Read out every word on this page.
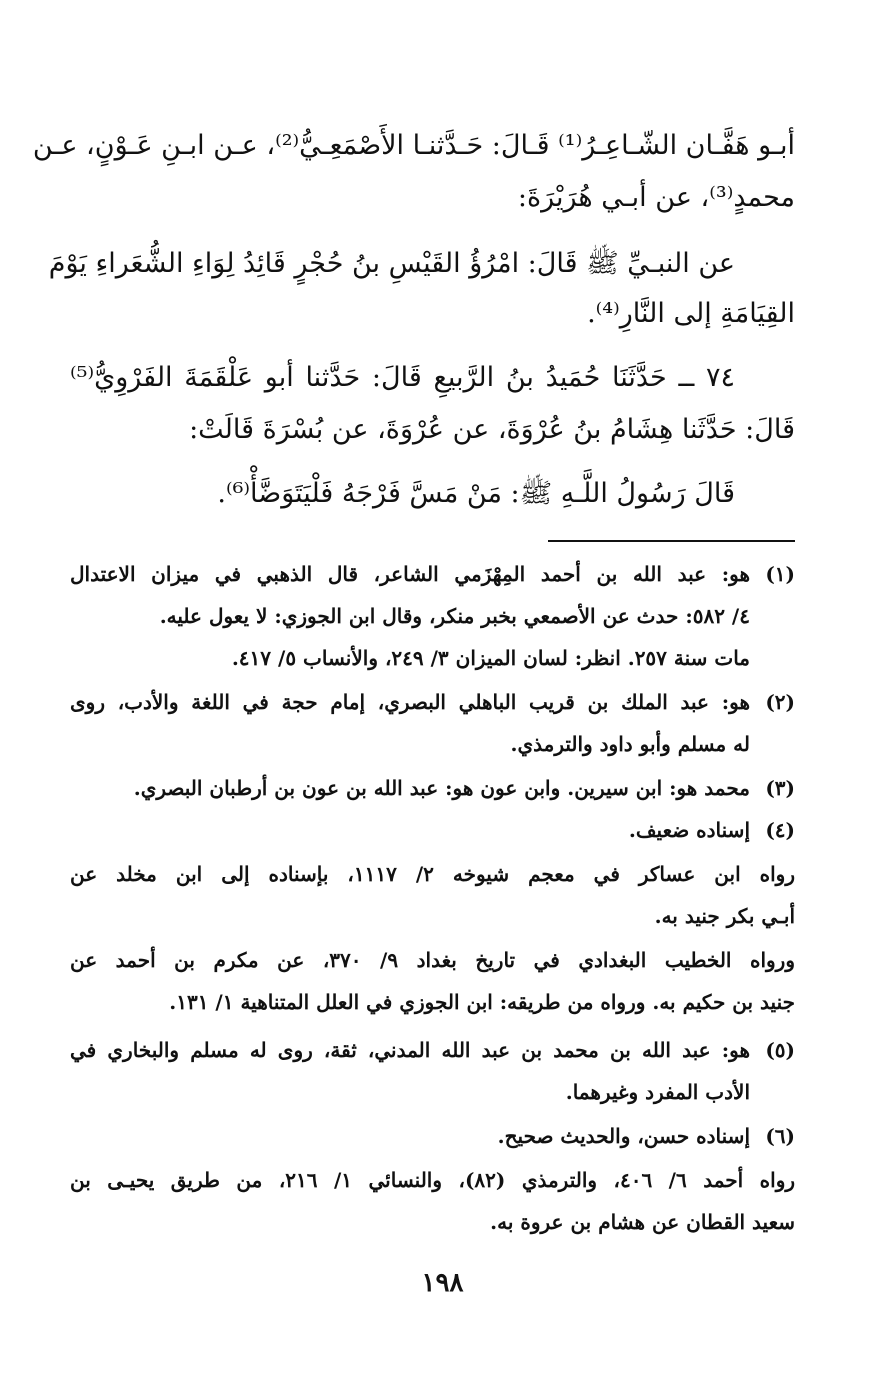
أبـو هَفَّـان الشّـاعِـرُ⁽¹⁾ قَـالَ: حَـدَّثنـا الأَصْمَعِـيُّ⁽²⁾، عـن ابـنِ عَـوْنٍ، عـن
محمدٍ⁽³⁾، عن أبـي هُرَيْرَةَ:
عن النبـيِّ ﷺ قَالَ: امْرُؤُ القَيْسِ بنُ حُجْرٍ قَائِدُ لِوَاءِ الشُّعَراءِ يَوْمَ
القِيَامَةِ إلى النَّارِ⁽⁴⁾.
٧٤ ــ حَدَّثَنَا حُمَيدُ بنُ الرَّبيعِ قَالَ: حَدَّثنا أبو عَلْقَمَةَ الفَرْوِيُّ⁽⁵⁾
قَالَ: حَدَّثَنا هِشَامُ بنُ عُرْوَةَ، عن عُرْوَةَ، عن بُسْرَةَ قَالَتْ:
قَالَ رَسُولُ اللَّـهِ ﷺ: مَنْ مَسَّ فَرْجَهُ فَلْيَتَوَضَّأْ⁽⁶⁾.
(١)
هو: عبد الله بن أحمد المِهْزَمي الشاعر، قال الذهبي في ميزان الاعتدال
٤/ ٥٨٢: حدث عن الأصمعي بخبر منكر، وقال ابن الجوزي: لا يعول عليه.
مات سنة ٢٥٧. انظر: لسان الميزان ٣/ ٢٤٩، والأنساب ٥/ ٤١٧.
(٢)
هو: عبد الملك بن قريب الباهلي البصري، إمام حجة في اللغة والأدب، روى
له مسلم وأبو داود والترمذي.
(٣)
محمد هو: ابن سيرين. وابن عون هو: عبد الله بن عون بن أرطبان البصري.
(٤)
إسناده ضعيف.
رواه ابن عساكر في معجم شيوخه ٢/ ١١١٧، بإسناده إلى ابن مخلد عن
أبـي بكر جنيد به.
ورواه الخطيب البغدادي في تاريخ بغداد ٩/ ٣٧٠، عن مكرم بن أحمد عن
جنيد بن حكيم به. ورواه من طريقه: ابن الجوزي في العلل المتناهية ١/ ١٣١.
(٥)
هو: عبد الله بن محمد بن عبد الله المدني، ثقة، روى له مسلم والبخاري في
الأدب المفرد وغيرهما.
(٦)
إسناده حسن، والحديث صحيح.
رواه أحمد ٦/ ٤٠٦، والترمذي (٨٢)، والنسائي ١/ ٢١٦، من طريق يحيـى بن
سعيد القطان عن هشام بن عروة به.
١٩٨
